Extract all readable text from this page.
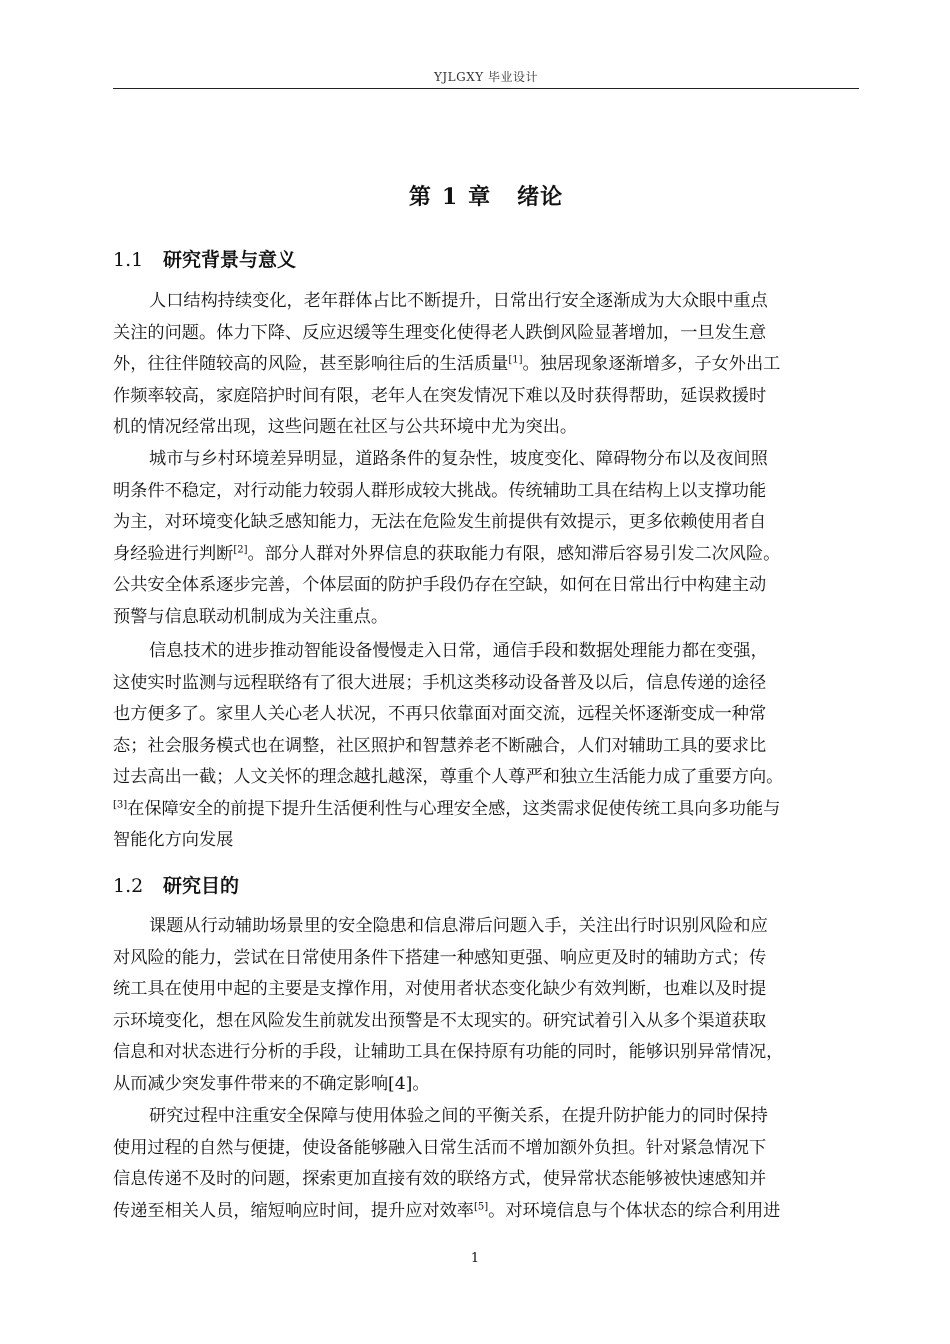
YJLGXY 毕业设计
第 1 章 绪论
1.1 研究背景与意义
人口结构持续变化，老年群体占比不断提升，日常出行安全逐渐成为大众眼中重点
关注的问题。体力下降、反应迟缓等生理变化使得老人跌倒风险显著增加，一旦发生意
外，往往伴随较高的风险，甚至影响往后的生活质量[1]。独居现象逐渐增多，子女外出工
作频率较高，家庭陪护时间有限，老年人在突发情况下难以及时获得帮助，延误救援时
机的情况经常出现，这些问题在社区与公共环境中尤为突出。
城市与乡村环境差异明显，道路条件的复杂性，坡度变化、障碍物分布以及夜间照
明条件不稳定，对行动能力较弱人群形成较大挑战。传统辅助工具在结构上以支撑功能
为主，对环境变化缺乏感知能力，无法在危险发生前提供有效提示，更多依赖使用者自
身经验进行判断[2]。部分人群对外界信息的获取能力有限，感知滞后容易引发二次风险。
公共安全体系逐步完善，个体层面的防护手段仍存在空缺，如何在日常出行中构建主动
预警与信息联动机制成为关注重点。
信息技术的进步推动智能设备慢慢走入日常，通信手段和数据处理能力都在变强，
这使实时监测与远程联络有了很大进展；手机这类移动设备普及以后，信息传递的途径
也方便多了。家里人关心老人状况，不再只依靠面对面交流，远程关怀逐渐变成一种常
态；社会服务模式也在调整，社区照护和智慧养老不断融合，人们对辅助工具的要求比
过去高出一截；人文关怀的理念越扎越深，尊重个人尊严和独立生活能力成了重要方向。
[3]在保障安全的前提下提升生活便利性与心理安全感，这类需求促使传统工具向多功能与
智能化方向发展
1.2 研究目的
课题从行动辅助场景里的安全隐患和信息滞后问题入手，关注出行时识别风险和应
对风险的能力，尝试在日常使用条件下搭建一种感知更强、响应更及时的辅助方式；传
统工具在使用中起的主要是支撑作用，对使用者状态变化缺少有效判断，也难以及时提
示环境变化，想在风险发生前就发出预警是不太现实的。研究试着引入从多个渠道获取
信息和对状态进行分析的手段，让辅助工具在保持原有功能的同时，能够识别异常情况，
从而减少突发事件带来的不确定影响[4]。
研究过程中注重安全保障与使用体验之间的平衡关系，在提升防护能力的同时保持
使用过程的自然与便捷，使设备能够融入日常生活而不增加额外负担。针对紧急情况下
信息传递不及时的问题，探索更加直接有效的联络方式，使异常状态能够被快速感知并
传递至相关人员，缩短响应时间，提升应对效率[5]。对环境信息与个体状态的综合利用进
1
